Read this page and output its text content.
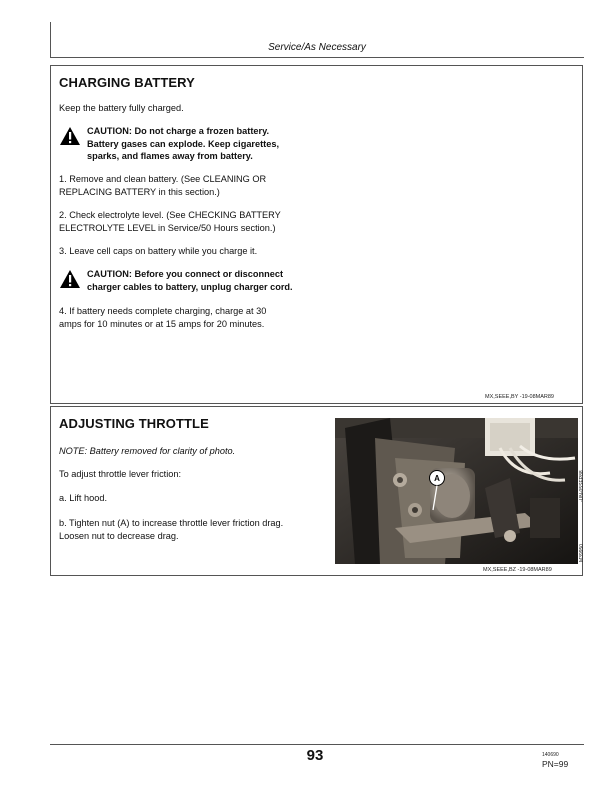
Service/As Necessary
CHARGING BATTERY
Keep the battery fully charged.
CAUTION: Do not charge a frozen battery.
Battery gases can explode. Keep cigarettes,
sparks, and flames away from battery.
1. Remove and clean battery. (See CLEANING OR
REPLACING BATTERY in this section.)
2. Check electrolyte level. (See CHECKING BATTERY
ELECTROLYTE LEVEL in Service/50 Hours section.)
3. Leave cell caps on battery while you charge it.
CAUTION: Before you connect or disconnect
charger cables to battery, unplug charger cord.
4. If battery needs complete charging, charge at 30
amps for 10 minutes or at 15 amps for 20 minutes.
MX,SEEE,BY -19-08MAR89
ADJUSTING THROTTLE
NOTE: Battery removed for clarity of photo.
To adjust throttle lever friction:
a. Lift hood.
b. Tighten nut (A) to increase throttle lever friction drag.
Loosen nut to decrease drag.
A	-UN-05SEP88
M39950
MX,SEEE,BZ -19-08MAR89
93	140690
PN=99
